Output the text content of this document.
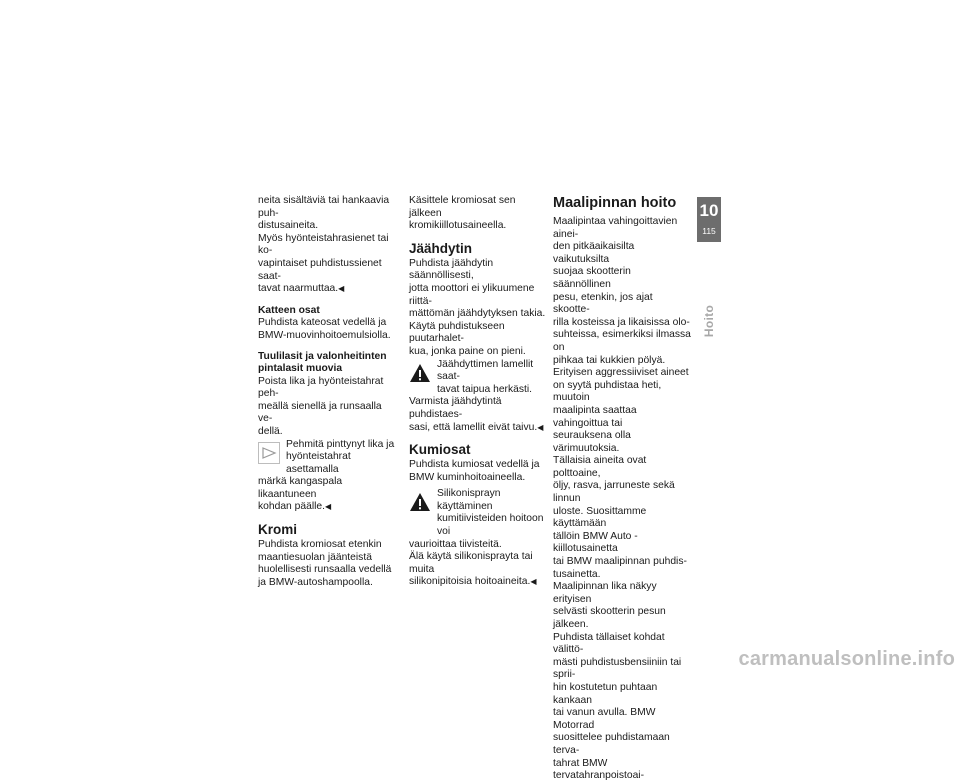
neita sisältäviä tai hankaavia puh-
distusaineita.

Myös hyönteistahrasienet tai ko-
vapintaiset puhdistussienet saat-
tavat naarmuttaa.◀

Katteen osat

Puhdista kateosat vedellä ja
BMW-muovinhoitoemulsiolla.

Tuulilasit ja valonheitinten
pintalasit muovia

Poista lika ja hyönteistahrat peh-
meällä sienellä ja runsaalla ve-
dellä.

Pehmitä pinttynyt lika ja
hyönteistahrat asettamalla

märkä kangaspala likaantuneen
kohdan päälle.◀

Kromi

Puhdista kromiosat etenkin
maantiesuolan jäänteistä
huolellisesti runsaalla vedellä
ja BMW-autoshampoolla.

Käsittele kromiosat sen jälkeen
kromikiillotusaineella.

Jäähdytin

Puhdista jäähdytin säännöllisesti,
jotta moottori ei ylikuumene riittä-
mättömän jäähdytyksen takia.
Käytä puhdistukseen puutarhalet-
kua, jonka paine on pieni.

Jäähdyttimen lamellit saat-
tavat taipua herkästi.

Varmista jäähdytintä puhdistaes-
sasi, että lamellit eivät taivu.◀

Kumiosat

Puhdista kumiosat vedellä ja
BMW kuminhoitoaineella.

Silikonisprayn käyttäminen
kumitiivisteiden hoitoon voi

vaurioittaa tiivisteitä.
Älä käytä silikonisprayta tai muita
silikonipitoisia hoitoaineita.◀

Maalipinnan hoito

Maalipintaa vahingoittavien ainei-
den pitkäaikaisilta vaikutuksilta
suojaa skootterin säännöllinen
pesu, etenkin, jos ajat skootte-
rilla kosteissa ja likaisissa olo-
suhteissa, esimerkiksi ilmassa on
pihkaa tai kukkien pölyä.

Erityisen aggressiiviset aineet
on syytä puhdistaa heti, muutoin
maalipinta saattaa vahingoittua tai
seurauksena olla värimuutoksia.
Tällaisia aineita ovat polttoaine,
öljy, rasva, jarruneste sekä linnun
uloste. Suosittamme käyttämään
tällöin BMW Auto -kiillotusainetta
tai BMW maalipinnan puhdis-
tusainetta.

Maalipinnan lika näkyy erityisen
selvästi skootterin pesun jälkeen.
Puhdista tällaiset kohdat välittö-
mästi puhdistusbensiiniin tai sprii-
hin kostutetun puhtaan kankaan
tai vanun avulla. BMW Motorrad
suosittelee puhdistamaan terva-
tahrat BMW tervatahranpoistoai-

10
115
Hoito
carmanualsonline.info
